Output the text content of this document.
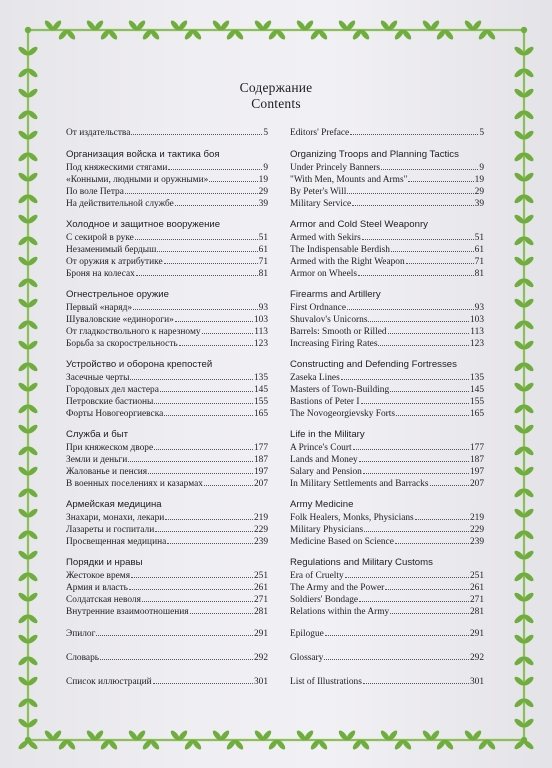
Содержание
Contents
От издательства	5
Организация войска и тактика боя
Под княжескими стягами	9
«Конными, людными и оружными»	19
По воле Петра	29
На действительной службе	39
Холодное и защитное вооружение
С секирой в руке	51
Незаменимый бердыш	61
От оружия к атрибутике	71
Броня на колесах	81
Огнестрельное оружие
Первый «наряд»	93
Шуваловские «единороги»	103
От гладкоствольного к нарезному	113
Борьба за скорострельность	123
Устройство и оборона крепостей
Засечные черты	135
Городовых дел мастера	145
Петровские бастионы	155
Форты Новогеоргиевска	165
Служба и быт
При княжеском дворе	177
Земли и деньги	187
Жалованье и пенсия	197
В военных поселениях и казармах	207
Армейская медицина
Знахари, монахи, лекари	219
Лазареты и госпитали	229
Просвещенная медицина	239
Порядки и нравы
Жестокое время	251
Армия и власть	261
Солдатская неволя	271
Внутренние взаимоотношения	281
Эпилог	291
Словарь	292
Список иллюстраций	301
Editors' Preface	5
Organizing Troops and Planning Tactics
Under Princely Banners	9
"With Men, Mounts and Arms"	19
By Peter's Will	29
Military Service	39
Armor and Cold Steel Weaponry
Armed with Sekirs	51
The Indispensable Berdish	61
Armed with the Right Weapon	71
Armor on Wheels	81
Firearms and Artillery
First Ordnance	93
Shuvalov's Unicorns	103
Barrels: Smooth or Rilled	113
Increasing Firing Rates	123
Constructing and Defending Fortresses
Zaseka Lines	135
Masters of Town-Building	145
Bastions of Peter I	155
The Novogeorgievsky Forts	165
Life in the Military
A Prince's Court	177
Lands and Money	187
Salary and Pension	197
In Military Settlements and Barracks	207
Army Medicine
Folk Healers, Monks, Physicians	219
Military Physicians	229
Medicine Based on Science	239
Regulations and Military Customs
Era of Cruelty	251
The Army and the Power	261
Soldiers' Bondage	271
Relations within the Army	281
Epilogue	291
Glossary	292
List of Illustrations	301
